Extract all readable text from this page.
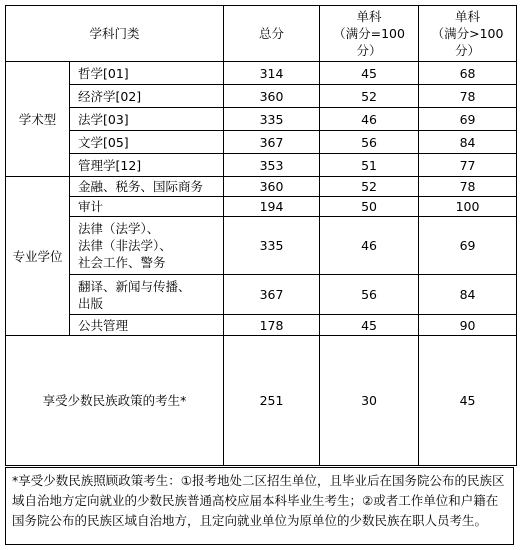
学科门类		总分	单科
（满分=100
分）	单科
（满分>100
分）
学术型	哲学[01]	314	45	68
	经济学[02]	360	52	78
	法学[03]	335	46	69
	文学[05]	367	56	84
	管理学[12]	353	51	77
专业学位	金融、税务、国际商务	360	52	78
	审计	194	50	100
	法律（法学）、
法律（非法学）、
社会工作、警务	335	46	69
	翻译、新闻与传播、
出版	367	56	84
	公共管理	178	45	90
享受少数民族政策的考生*		251	30	45
*享受少数民族照顾政策考生：①报考地处二区招生单位，且毕业后在国务院公布的民族区域自治地方定向就业的少数民族普通高校应届本科毕业生考生；②或者工作单位和户籍在国务院公布的民族区域自治地方，且定向就业单位为原单位的少数民族在职人员考生。
